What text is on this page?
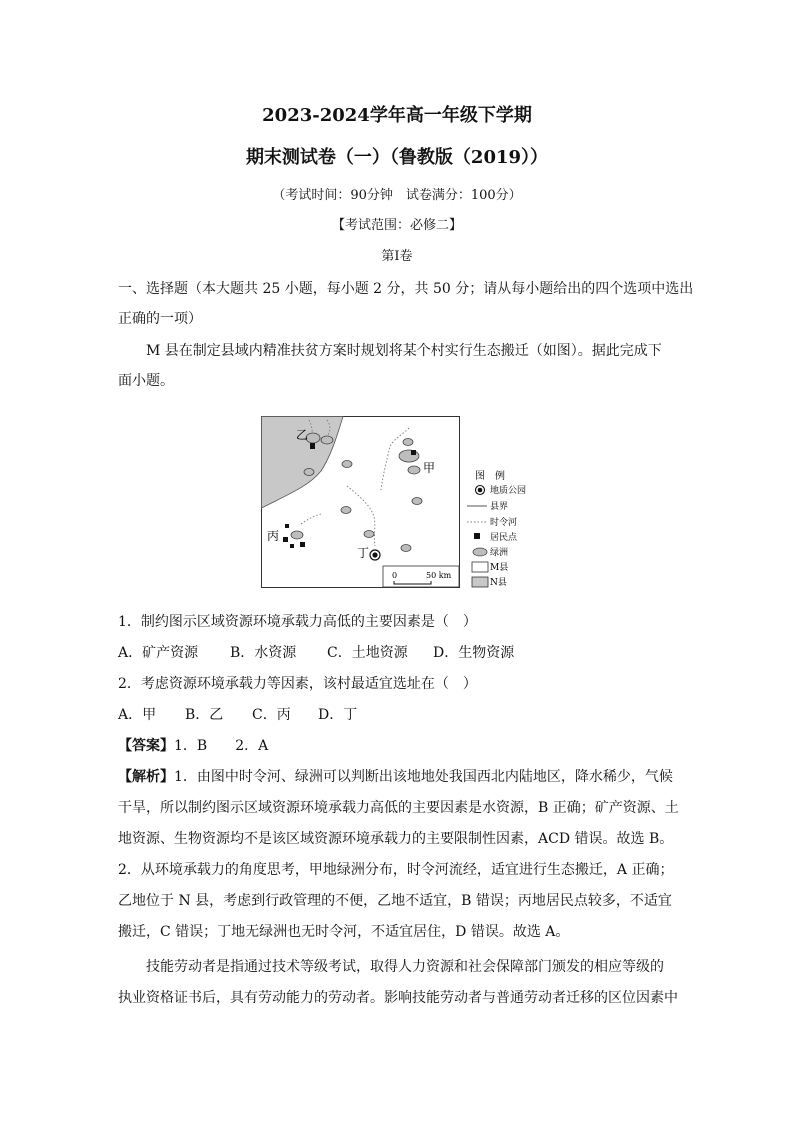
2023-2024学年高一年级下学期
期末测试卷（一）（鲁教版（2019））
（考试时间：90分钟　试卷满分：100分）
【考试范围：必修二】
第Ⅰ卷
一、选择题（本大题共 25 小题，每小题 2 分，共 50 分；请从每小题给出的四个选项中选出
正确的一项）
M 县在制定县域内精准扶贫方案时规划将某个村实行生态搬迁（如图）。据此完成下
面小题。
乙
甲
丙
丁
0	50 km
图　例
地质公园
县界
时令河
居民点
绿洲
M县
N县
1．制约图示区域资源环境承载力高低的主要因素是（　）
A．矿产资源 B．水资源 C．土地资源 D．生物资源
2．考虑资源环境承载力等因素，该村最适宜选址在（　）
A．甲 B．乙 C．丙 D．丁
【答案】1．B　　2．A
【解析】1．由图中时令河、绿洲可以判断出该地地处我国西北内陆地区，降水稀少，气候
干旱，所以制约图示区域资源环境承载力高低的主要因素是水资源，B 正确；矿产资源、土
地资源、生物资源均不是该区域资源环境承载力的主要限制性因素，ACD 错误。故选 B。
2．从环境承载力的角度思考，甲地绿洲分布，时令河流经，适宜进行生态搬迁，A 正确；
乙地位于 N 县，考虑到行政管理的不便，乙地不适宜，B 错误；丙地居民点较多，不适宜
搬迁，C 错误；丁地无绿洲也无时令河，不适宜居住，D 错误。故选 A。
技能劳动者是指通过技术等级考试，取得人力资源和社会保障部门颁发的相应等级的
执业资格证书后，具有劳动能力的劳动者。影响技能劳动者与普通劳动者迁移的区位因素中
